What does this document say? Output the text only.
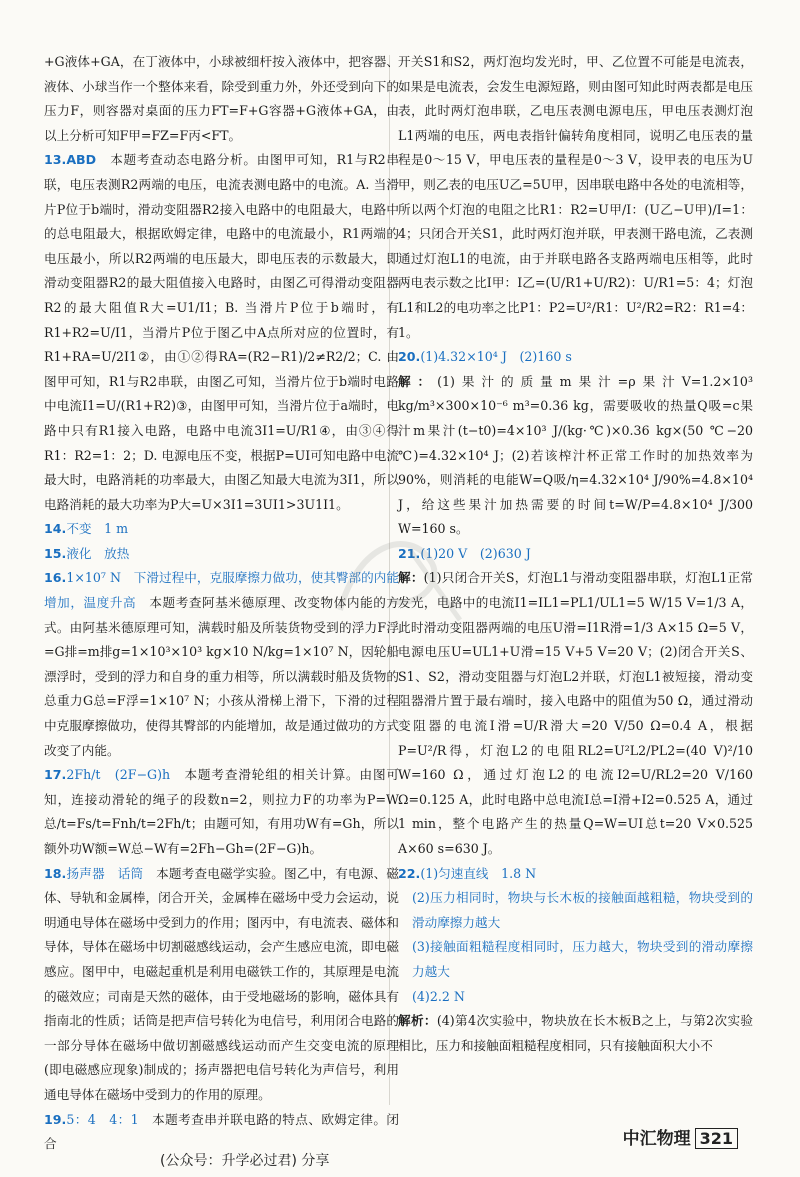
+G液体+GA，在丁液体中，小球被细杆按入液体中，把容器、液体、小球当作一个整体来看，除受到重力外，外还受到向下的压力F，则容器对桌面的压力FT=F+G容器+G液体+GA，由以上分析可知F甲=FZ=F丙<FT。

13.ABD　 本题考查动态电路分析。由图甲可知，R1与R2串联，电压表测R2两端的电压，电流表测电路中的电流。A. 当滑片P位于b端时，滑动变阻器R2接入电路中的电阻最大，电路中的总电阻最大，根据欧姆定律，电路中的电流最小，R1两端的电压最小，所以R2两端的电压最大，即电压表的示数最大，即滑动变阻器R2的最大阻值接入电路时，由图乙可得滑动变阻器R2的最大阻值R大=U1/I1；B. 当滑片P位于b端时，有R1+R2=U/I1，当滑片P位于图乙中A点所对应的位置时，有R1+RA=U/2I1②，由①②得RA=(R2−R1)/2≠R2/2；C. 由图甲可知，R1与R2串联，由图乙可知，当滑片位于b端时电路中电流I1=U/(R1+R2)③，由图甲可知，当滑片位于a端时，电路中只有R1接入电路，电路中电流3I1=U/R1④，由③④得R1：R2=1：2；D. 电源电压不变，根据P=UI可知电路中电流最大时，电路消耗的功率最大，由图乙知最大电流为3I1，所以电路消耗的最大功率为P大=U×3I1=3UI1>3U1I1。

14.不变　1 m

15.液化　放热

16.1×10⁷ N　下滑过程中，克服摩擦力做功，使其臀部的内能增加，温度升高　 本题考查阿基米德原理、改变物体内能的方式。由阿基米德原理可知，满载时船及所装货物受到的浮力F浮=G排=m排g=1×10³×10³ kg×10 N/kg=1×10⁷ N，因轮船漂浮时，受到的浮力和自身的重力相等，所以满载时船及货物的总重力G总=F浮=1×10⁷ N；小孩从滑梯上滑下，下滑的过程中克服摩擦做功，使得其臀部的内能增加，故是通过做功的方式改变了内能。

17.2Fh/t　(2F−G)h　 本题考查滑轮组的相关计算。由图可知，连接动滑轮的绳子的段数n=2，则拉力F的功率为P=W总/t=Fs/t=Fnh/t=2Fh/t；由题可知，有用功W有=Gh，所以额外功W额=W总−W有=2Fh−Gh=(2F−G)h。

18.扬声器　话筒　 本题考查电磁学实验。图乙中，有电源、磁体、导轨和金属棒，闭合开关，金属棒在磁场中受力会运动，说明通电导体在磁场中受到力的作用；图丙中，有电流表、磁体和导体，导体在磁场中切割磁感线运动，会产生感应电流，即电磁感应。图甲中，电磁起重机是利用电磁铁工作的，其原理是电流的磁效应；司南是天然的磁体，由于受地磁场的影响，磁体具有指南北的性质；话筒是把声信号转化为电信号，利用闭合电路的一部分导体在磁场中做切割磁感线运动而产生交变电流的原理(即电磁感应现象)制成的；扬声器把电信号转化为声信号，利用通电导体在磁场中受到力的作用的原理。

19.5：4　4：1　 本题考查串并联电路的特点、欧姆定律。闭合

开关S1和S2，两灯泡均发光时，甲、乙位置不可能是电流表，如果是电流表，会发生电源短路，则由图可知此时两表都是电压表，此时两灯泡串联，乙电压表测电源电压，甲电压表测灯泡L1两端的电压，两电表指针偏转角度相同，说明乙电压表的量程是0～15 V，甲电压表的量程是0～3 V，设甲表的电压为U甲，则乙表的电压U乙=5U甲，因串联电路中各处的电流相等，所以两个灯泡的电阻之比R1：R2=U甲/I：(U乙−U甲)/I=1：4；只闭合开关S1，此时两灯泡并联，甲表测干路电流，乙表测通过灯泡L1的电流，由于并联电路各支路两端电压相等，此时两电表示数之比I甲：I乙=(U/R1+U/R2)：U/R1=5：4；灯泡L1和L2的电功率之比P1：P2=U²/R1：U²/R2=R2：R1=4：1。

20.(1)4.32×10⁴ J　(2)160 s

解：(1)果汁的质量m果汁=ρ果汁V=1.2×10³ kg/m³×300×10⁻⁶ m³=0.36 kg，需要吸收的热量Q吸=c果汁m果汁(t−t0)=4×10³ J/(kg·℃)×0.36 kg×(50 ℃−20 ℃)=4.32×10⁴ J；(2)若该榨汁杯正常工作时的加热效率为90%，则消耗的电能W=Q吸/η=4.32×10⁴ J/90%=4.8×10⁴ J，给这些果汁加热需要的时间t=W/P=4.8×10⁴ J/300 W=160 s。

21.(1)20 V　(2)630 J

解：(1)只闭合开关S，灯泡L1与滑动变阻器串联，灯泡L1正常发光，电路中的电流I1=IL1=PL1/UL1=5 W/15 V=1/3 A，此时滑动变阻器两端的电压U滑=I1R滑=1/3 A×15 Ω=5 V，电源电压U=UL1+U滑=15 V+5 V=20 V；(2)闭合开关S、S1、S2，滑动变阻器与灯泡L2并联，灯泡L1被短接，滑动变阻器滑片置于最右端时，接入电路中的阻值为50 Ω，通过滑动变阻器的电流I滑=U/R滑大=20 V/50 Ω=0.4 A，根据P=U²/R得，灯泡L2的电阻RL2=U²L2/PL2=(40 V)²/10 W=160 Ω，通过灯泡L2的电流I2=U/RL2=20 V/160 Ω=0.125 A，此时电路中总电流I总=I滑+I2=0.525 A，通过1 min，整个电路产生的热量Q=W=UI总t=20 V×0.525 A×60 s=630 J。

22.(1)匀速直线　1.8 N

(2)压力相同时，物块与长木板的接触面越粗糙，物块受到的滑动摩擦力越大

(3)接触面粗糙程度相同时，压力越大，物块受到的滑动摩擦力越大

(4)2.2 N

解析：(4)第4次实验中，物块放在长木板B之上，与第2次实验相比，压力和接触面粗糙程度相同，只有接触面积大小不

中汇物理 321
(公众号：升学必过君) 分享
